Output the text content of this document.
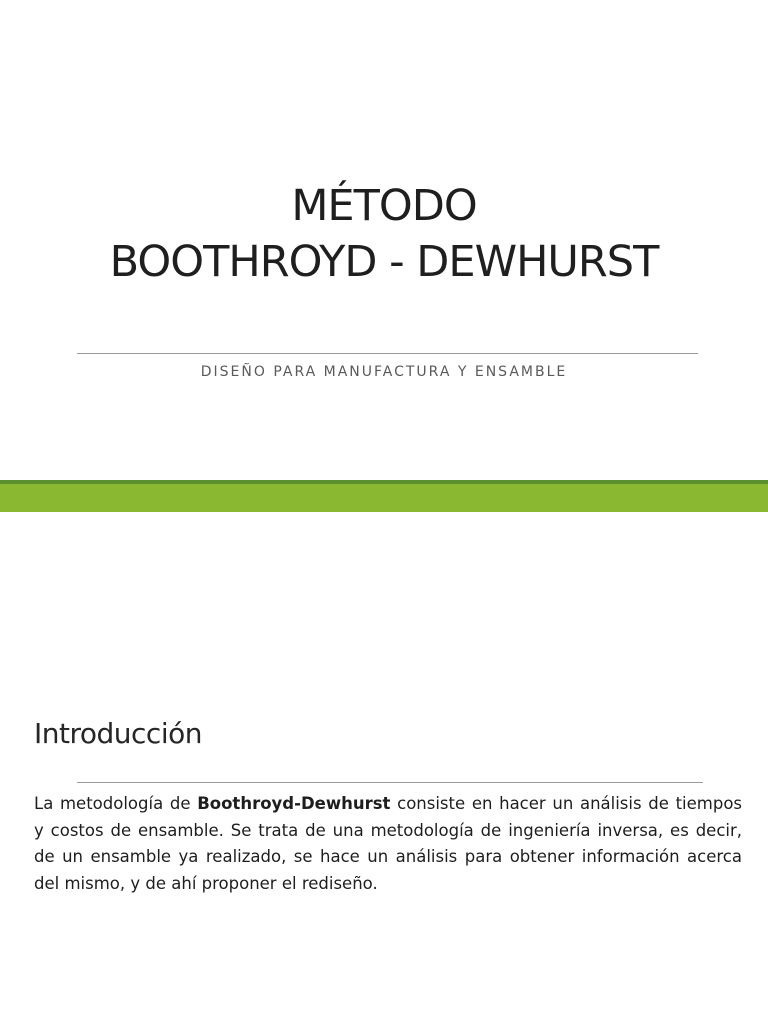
MÉTODO
BOOTHROYD - DEWHURST

DISEÑO PARA MANUFACTURA Y ENSAMBLE

Introducción

La metodología de Boothroyd-Dewhurst consiste en hacer un análisis de tiempos y costos de ensamble. Se trata de una metodología de ingeniería inversa, es decir, de un ensamble ya realizado, se hace un análisis para obtener información acerca del mismo, y de ahí proponer el rediseño.
